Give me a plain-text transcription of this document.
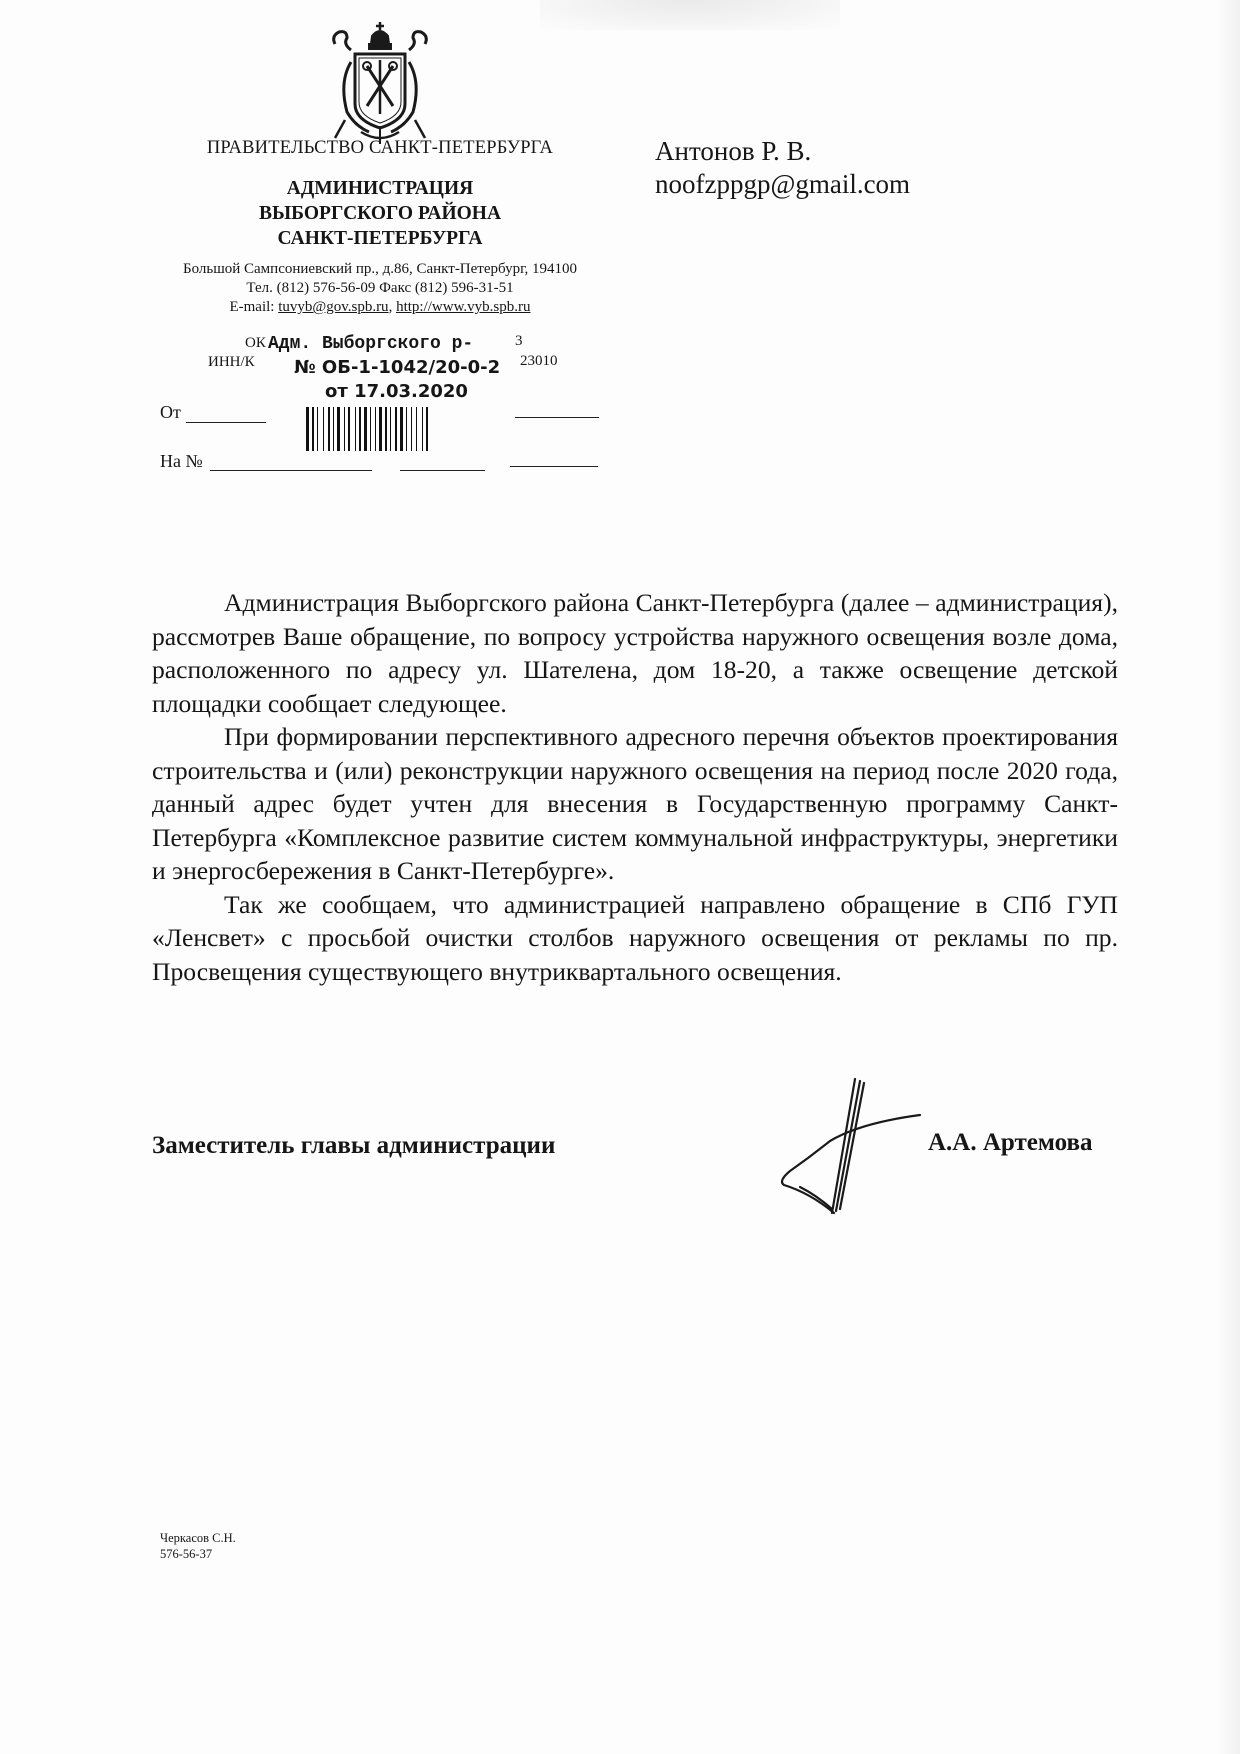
ПРАВИТЕЛЬСТВО САНКТ-ПЕТЕРБУРГА
АДМИНИСТРАЦИЯ
ВЫБОРГСКОГО РАЙОНА
САНКТ-ПЕТЕРБУРГА
Большой Сампсониевский пр., д.86, Санкт-Петербург, 194100
Тел. (812) 576-56-09 Факс (812) 596-31-51
E-mail: tuvyb@gov.spb.ru, http://www.vyb.spb.ru
ОК	3
ИНН/К	23010
Адм. Выборгского р-
№ ОБ-1-1042/20-0-2
от 17.03.2020
От
На №
Антонов Р. В.
noofzppgp@gmail.com

Администрация Выборгского района Санкт-Петербурга (далее – администрация), рассмотрев Ваше обращение, по вопросу устройства наружного освещения возле дома, расположенного по адресу ул. Шателена, дом 18-20, а также освещение детской площадки сообщает следующее.

При формировании перспективного адресного перечня объектов проектирования строительства и (или) реконструкции наружного освещения на период после 2020 года, данный адрес будет учтен для внесения в Государственную программу Санкт-Петербурга «Комплексное развитие систем коммунальной инфраструктуры, энергетики и энергосбережения в Санкт-Петербурге».

Так же сообщаем, что администрацией направлено обращение в СПб ГУП «Ленсвет» с просьбой очистки столбов наружного освещения от рекламы по пр. Просвещения существующего внутриквартального освещения.

Заместитель главы администрации	А.А. Артемова
Черкасов С.Н.
576-56-37
